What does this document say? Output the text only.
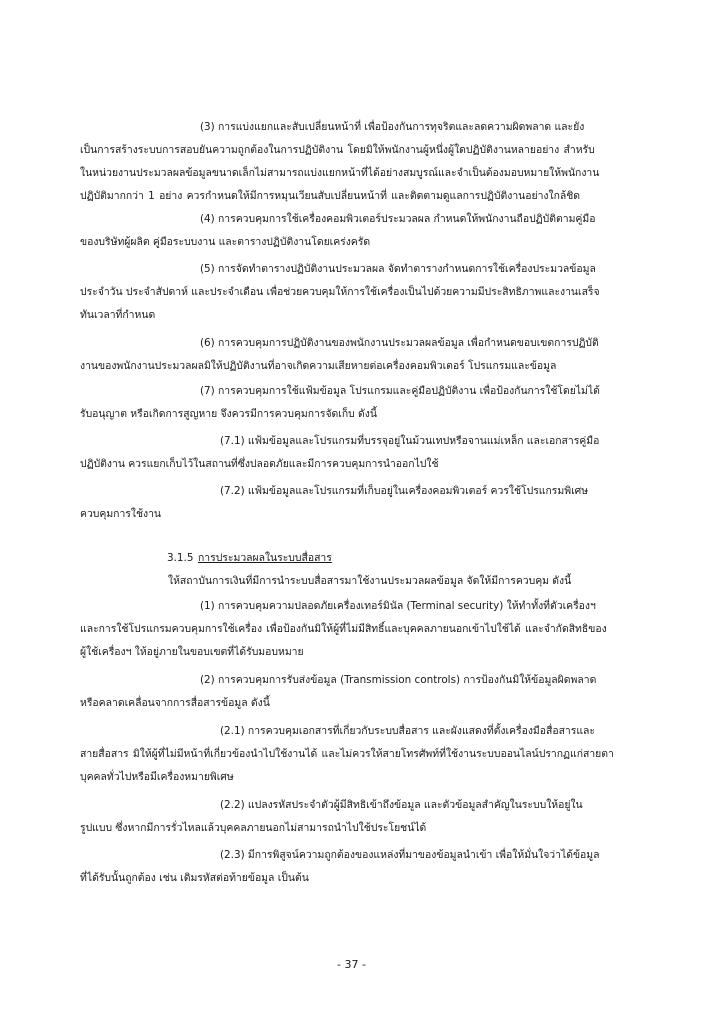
(3) การแบ่งแยกและสับเปลี่ยนหน้าที่ เพื่อป้องกันการทุจริตและลดความผิดพลาด และยัง
เป็นการสร้างระบบการสอบยันความถูกต้องในการปฏิบัติงาน โดยมิให้พนักงานผู้หนึ่งผู้ใดปฏิบัติงานหลายอย่าง สำหรับ
ในหน่วยงานประมวลผลข้อมูลขนาดเล็กไม่สามารถแบ่งแยกหน้าที่ได้อย่างสมบูรณ์และจำเป็นต้องมอบหมายให้พนักงาน
ปฏิบัติมากกว่า 1 อย่าง ควรกำหนดให้มีการหมุนเวียนสับเปลี่ยนหน้าที่ และติดตามดูแลการปฏิบัติงานอย่างใกล้ชิด
(4) การควบคุมการใช้เครื่องคอมพิวเตอร์ประมวลผล กำหนดให้พนักงานถือปฏิบัติตามคู่มือ
ของบริษัทผู้ผลิต คู่มือระบบงาน และตารางปฏิบัติงานโดยเคร่งครัด
(5) การจัดทำตารางปฏิบัติงานประมวลผล จัดทำตารางกำหนดการใช้เครื่องประมวลข้อมูล
ประจำวัน ประจำสัปดาห์ และประจำเดือน เพื่อช่วยควบคุมให้การใช้เครื่องเป็นไปด้วยความมีประสิทธิภาพและงานเสร็จ
ทันเวลาที่กำหนด
(6) การควบคุมการปฏิบัติงานของพนักงานประมวลผลข้อมูล เพื่อกำหนดขอบเขตการปฏิบัติ
งานของพนักงานประมวลผลมิให้ปฏิบัติงานที่อาจเกิดความเสียหายต่อเครื่องคอมพิวเตอร์ โปรแกรมและข้อมูล
(7) การควบคุมการใช้แฟ้มข้อมูล โปรแกรมและคู่มือปฏิบัติงาน เพื่อป้องกันการใช้โดยไม่ได้
รับอนุญาต หรือเกิดการสูญหาย จึงควรมีการควบคุมการจัดเก็บ ดังนี้
(7.1) แฟ้มข้อมูลและโปรแกรมที่บรรจุอยู่ในม้วนเทปหรือจานแม่เหล็ก และเอกสารคู่มือ
ปฏิบัติงาน ควรแยกเก็บไว้ในสถานที่ซึ่งปลอดภัยและมีการควบคุมการนำออกไปใช้
(7.2) แฟ้มข้อมูลและโปรแกรมที่เก็บอยู่ในเครื่องคอมพิวเตอร์ ควรใช้โปรแกรมพิเศษ
ควบคุมการใช้งาน
3.1.5 การประมวลผลในระบบสื่อสาร
ให้สถาบันการเงินที่มีการนำระบบสื่อสารมาใช้งานประมวลผลข้อมูล จัดให้มีการควบคุม ดังนี้
(1) การควบคุมความปลอดภัยเครื่องเทอร์มินัล (Terminal security) ให้ทำทั้งที่ตัวเครื่องฯ
และการใช้โปรแกรมควบคุมการใช้เครื่อง เพื่อป้องกันมิให้ผู้ที่ไม่มีสิทธิ์และบุคคลภายนอกเข้าไปใช้ได้ และจำกัดสิทธิของ
ผู้ใช้เครื่องฯ ให้อยู่ภายในขอบเขตที่ได้รับมอบหมาย
(2) การควบคุมการรับส่งข้อมูล (Transmission controls) การป้องกันมิให้ข้อมูลผิดพลาด
หรือคลาดเคลื่อนจากการสื่อสารข้อมูล ดังนี้
(2.1) การควบคุมเอกสารที่เกี่ยวกับระบบสื่อสาร และผังแสดงที่ตั้งเครื่องมือสื่อสารและ
สายสื่อสาร มิให้ผู้ที่ไม่มีหน้าที่เกี่ยวข้องนำไปใช้งานได้ และไม่ควรให้สายโทรศัพท์ที่ใช้งานระบบออนไลน์ปรากฏแก่สายตา
บุคคลทั่วไปหรือมีเครื่องหมายพิเศษ
(2.2) แปลงรหัสประจำตัวผู้มีสิทธิเข้าถึงข้อมูล และตัวข้อมูลสำคัญในระบบให้อยู่ใน
รูปแบบ ซึ่งหากมีการรั่วไหลแล้วบุคคลภายนอกไม่สามารถนำไปใช้ประโยชน์ได้
(2.3) มีการพิสูจน์ความถูกต้องของแหล่งที่มาของข้อมูลนำเข้า เพื่อให้มั่นใจว่าได้ข้อมูล
ที่ได้รับนั้นถูกต้อง เช่น เติมรหัสต่อท้ายข้อมูล เป็นต้น
- 37 -
